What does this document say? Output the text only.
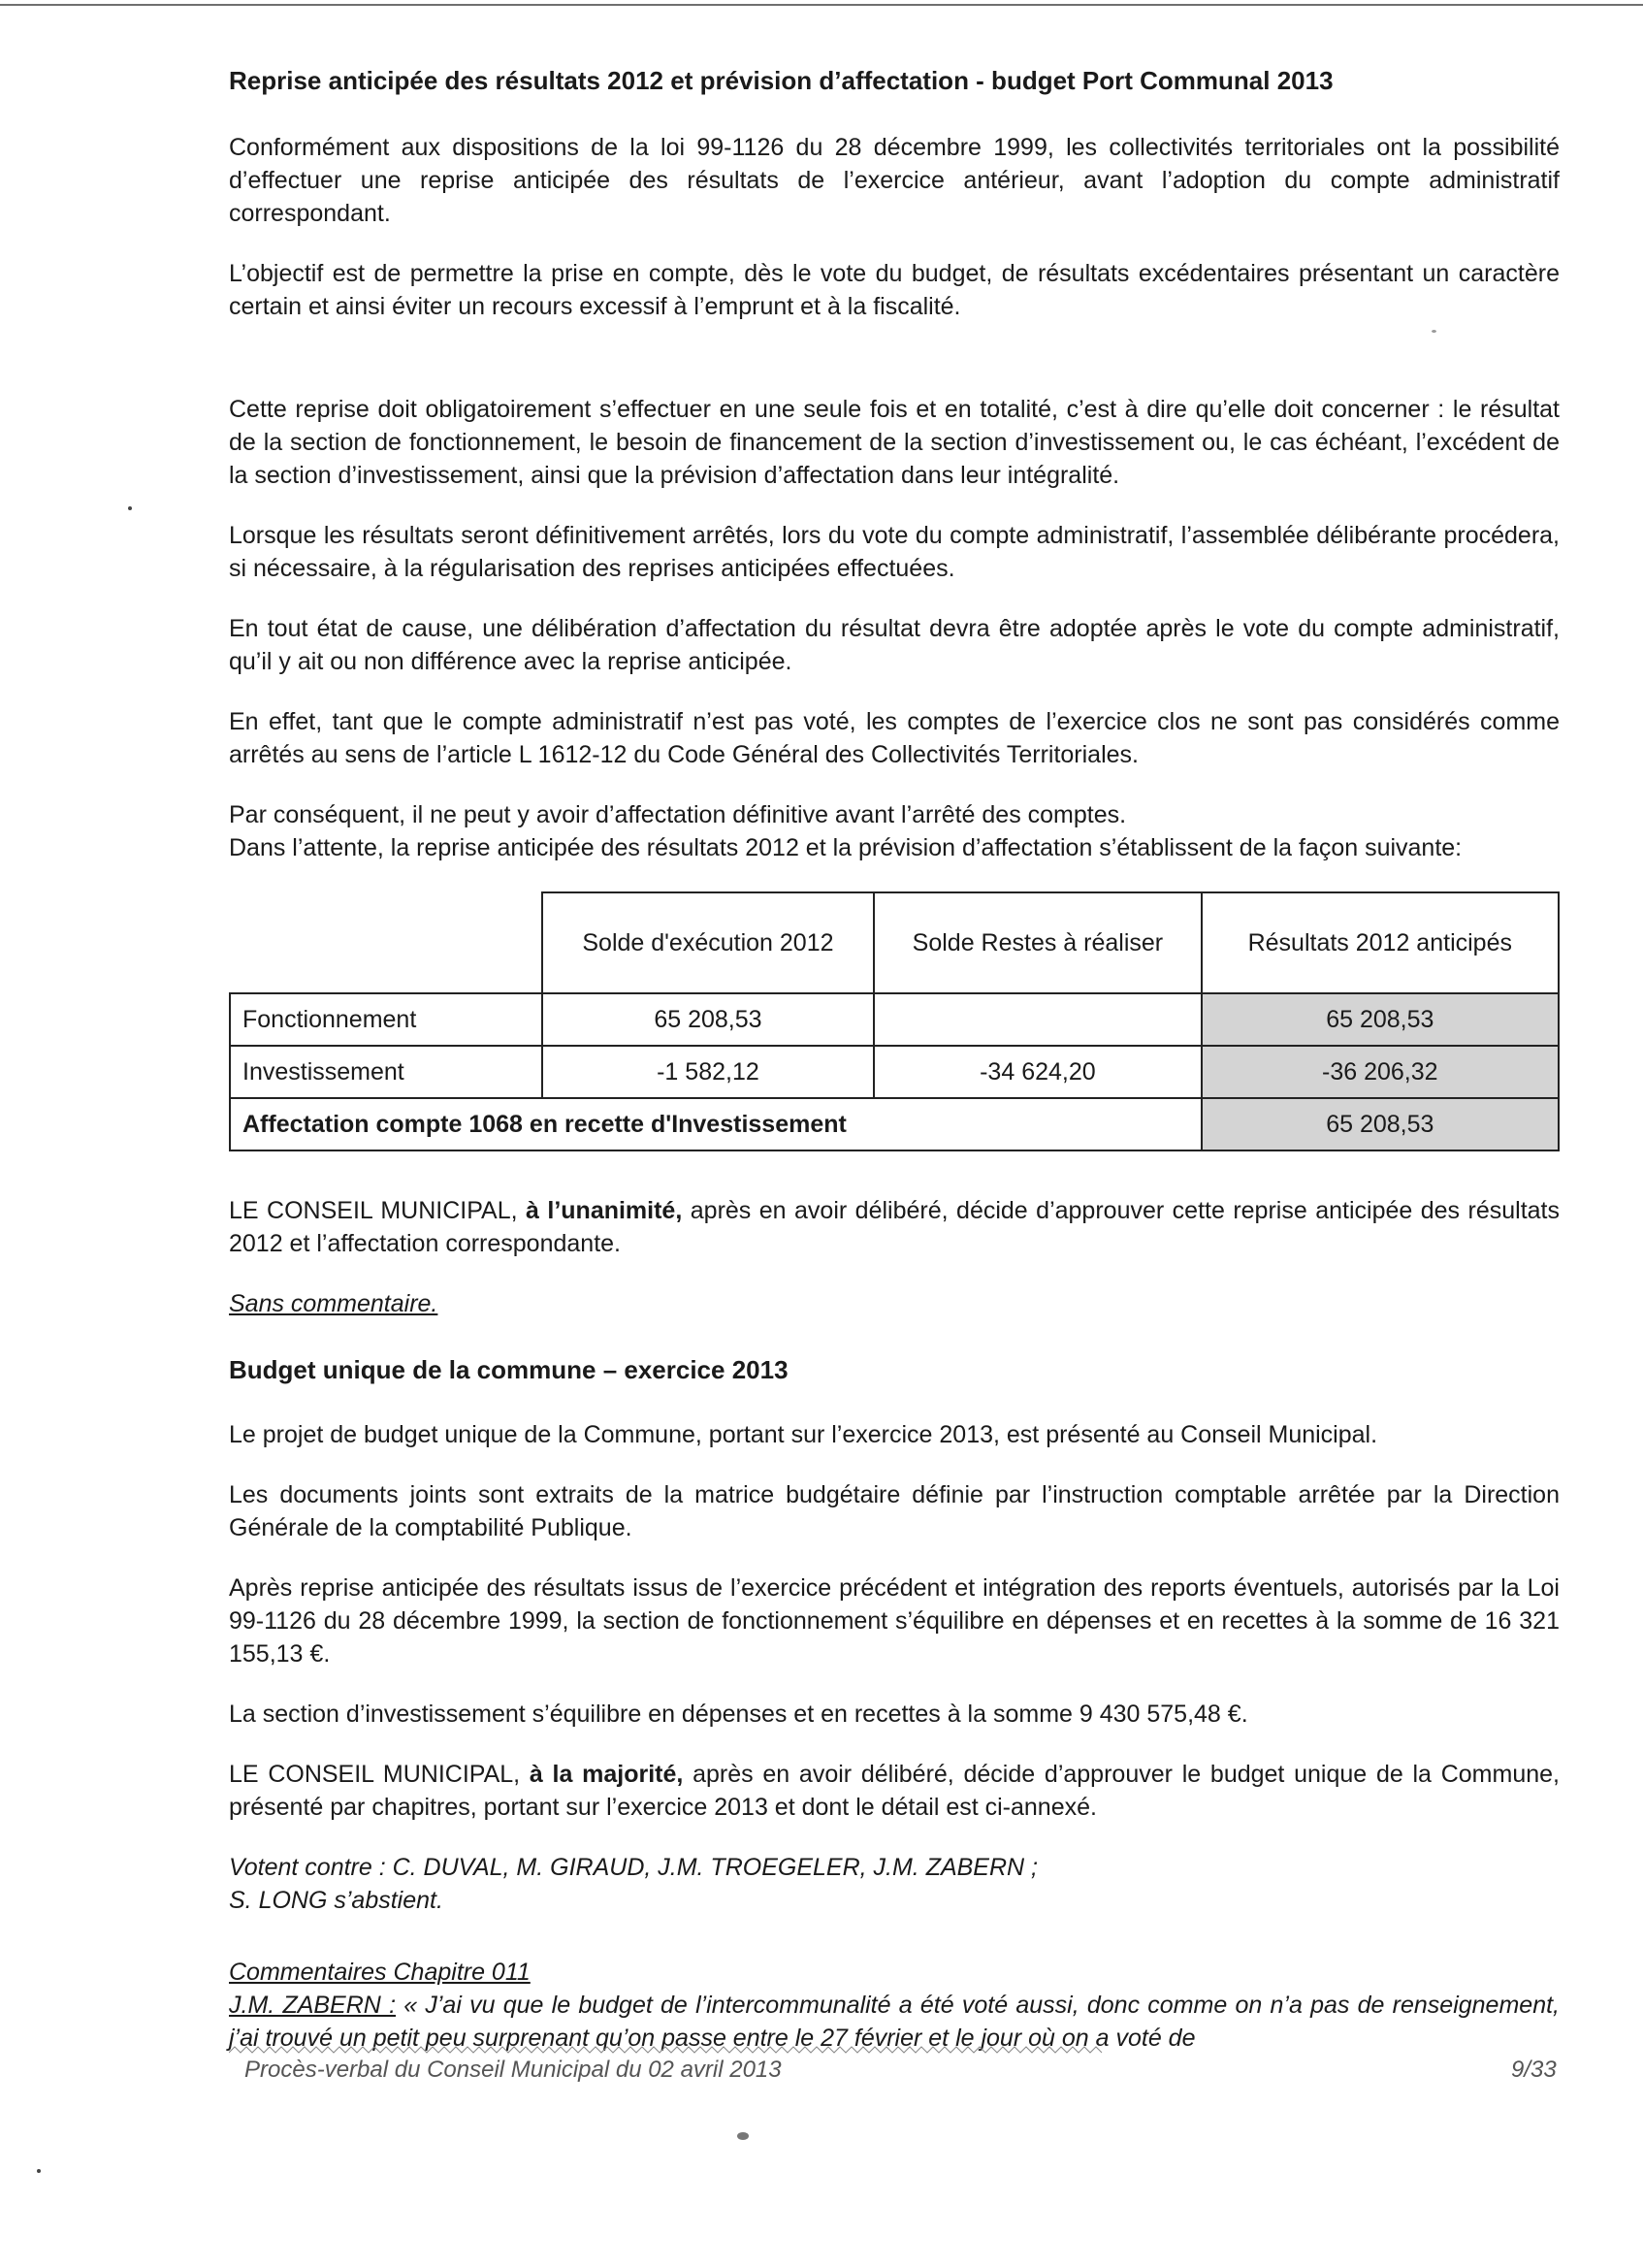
Reprise anticipée des résultats 2012 et prévision d’affectation - budget Port Communal 2013

Conformément aux dispositions de la loi 99-1126 du 28 décembre 1999, les collectivités territoriales ont la possibilité d’effectuer une reprise anticipée des résultats de l’exercice antérieur, avant l’adoption du compte administratif correspondant.

L’objectif est de permettre la prise en compte, dès le vote du budget, de résultats excédentaires présentant un caractère certain et ainsi éviter un recours excessif à l’emprunt et à la fiscalité.

Cette reprise doit obligatoirement s’effectuer en une seule fois et en totalité, c’est à dire qu’elle doit concerner : le résultat de la section de fonctionnement, le besoin de financement de la section d’investissement ou, le cas échéant, l’excédent de la section d’investissement, ainsi que la prévision d’affectation dans leur intégralité.

Lorsque les résultats seront définitivement arrêtés, lors du vote du compte administratif, l’assemblée délibérante procédera, si nécessaire, à la régularisation des reprises anticipées effectuées.

En tout état de cause, une délibération d’affectation du résultat devra être adoptée après le vote du compte administratif, qu’il y ait ou non différence avec la reprise anticipée.

En effet, tant que le compte administratif n’est pas voté, les comptes de l’exercice clos ne sont pas considérés comme arrêtés au sens de l’article L 1612-12 du Code Général des Collectivités Territoriales.

Par conséquent, il ne peut y avoir d’affectation définitive avant l’arrêté des comptes.

Dans l’attente, la reprise anticipée des résultats 2012 et la prévision d’affectation s’établissent de la façon suivante:

	Solde d'exécution 2012	Solde Restes à réaliser	Résultats 2012 anticipés
Fonctionnement	65 208,53		65 208,53
Investissement	-1 582,12	-34 624,20	-36 206,32
Affectation compte 1068 en recette d'Investissement			65 208,53

LE CONSEIL MUNICIPAL, à l’unanimité, après en avoir délibéré, décide d’approuver cette reprise anticipée des résultats 2012 et l’affectation correspondante.

Sans commentaire.

Budget unique de la commune – exercice 2013

Le projet de budget unique de la Commune, portant sur l’exercice 2013, est présenté au Conseil Municipal.

Les documents joints sont extraits de la matrice budgétaire définie par l’instruction comptable arrêtée par la Direction Générale de la comptabilité Publique.

Après reprise anticipée des résultats issus de l’exercice précédent et intégration des reports éventuels, autorisés par la Loi 99-1126 du 28 décembre 1999, la section de fonctionnement s’équilibre en dépenses et en recettes à la somme de 16 321 155,13 €.

La section d’investissement s’équilibre en dépenses et en recettes à la somme 9 430 575,48 €.

LE CONSEIL MUNICIPAL, à la majorité, après en avoir délibéré, décide d’approuver le budget unique de la Commune, présenté par chapitres, portant sur l’exercice 2013 et dont le détail est ci-annexé.

Votent contre : C. DUVAL, M. GIRAUD, J.M. TROEGELER, J.M. ZABERN ;

S. LONG s’abstient.

Commentaires Chapitre 011

J.M. ZABERN : « J’ai vu que le budget de l’intercommunalité a été voté aussi, donc comme on n’a pas de renseignement, j’ai trouvé un petit peu surprenant qu’on passe entre le 27 février et le jour où on a voté de

Procès-verbal du Conseil Municipal du 02 avril 2013	9/33
